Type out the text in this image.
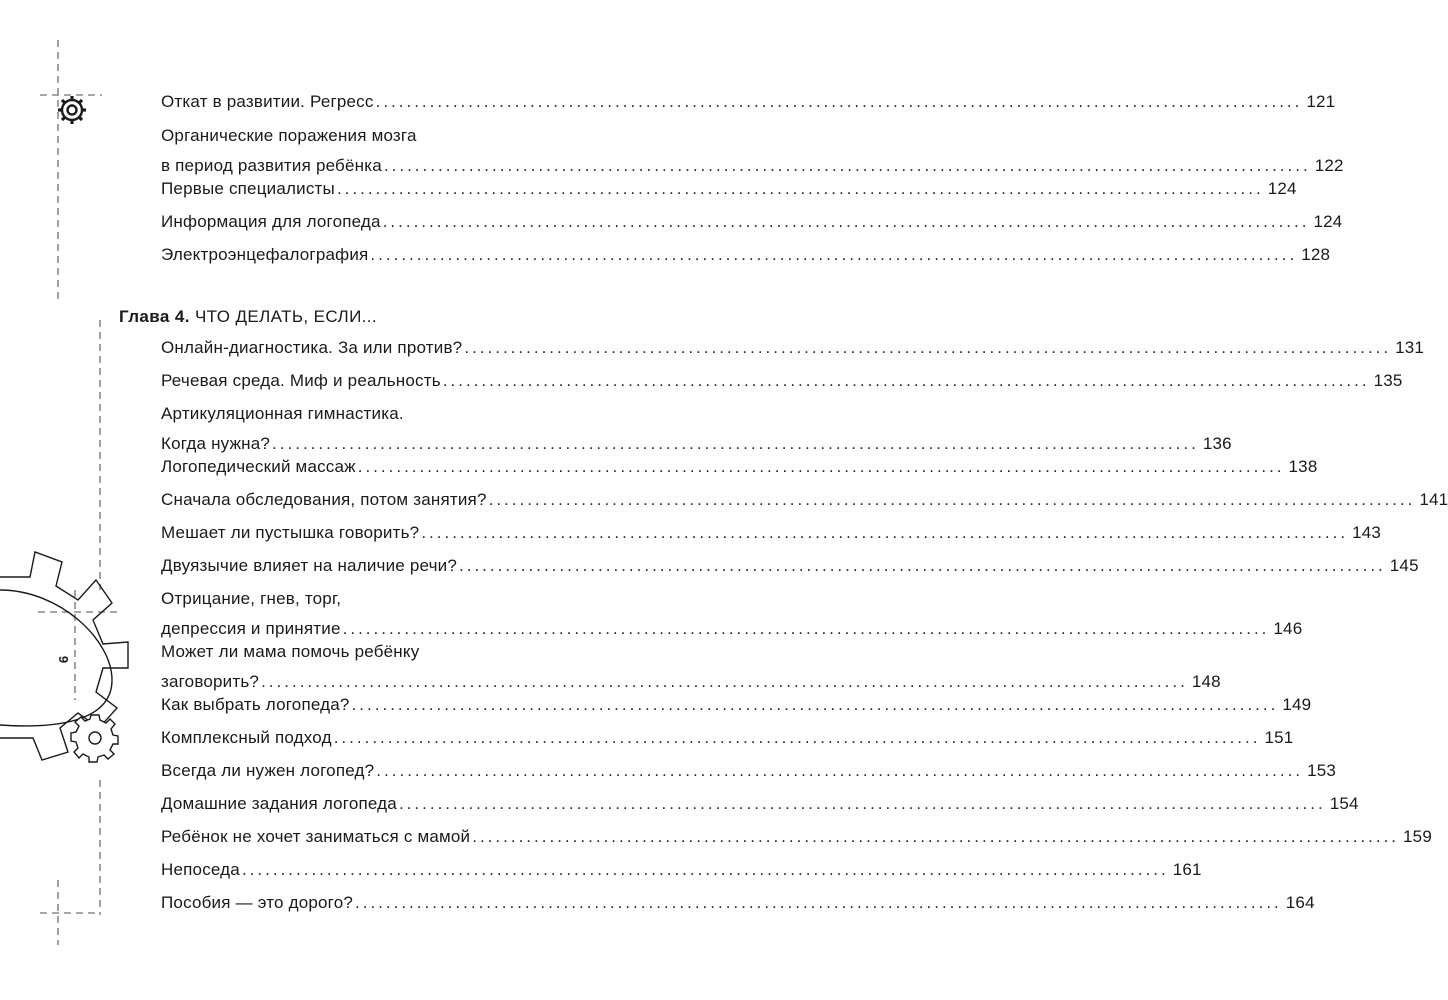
9
Глава 4. ЧТО ДЕЛАТЬ, ЕСЛИ...
Откат в развитии. Регресс ........................................................................................................................ 121
Органические поражения мозга
в период развития ребёнка ........................................................................................................................ 122
Первые специалисты ........................................................................................................................ 124
Информация для логопеда ........................................................................................................................ 124
Электроэнцефалография ........................................................................................................................ 128
Онлайн-диагностика. За или против? ........................................................................................................................ 131
Речевая среда. Миф и реальность ........................................................................................................................ 135
Артикуляционная гимнастика.
Когда нужна? ........................................................................................................................ 136
Логопедический массаж ........................................................................................................................ 138
Сначала обследования, потом занятия? ........................................................................................................................ 141
Мешает ли пустышка говорить? ........................................................................................................................ 143
Двуязычие влияет на наличие речи? ........................................................................................................................ 145
Отрицание, гнев, торг,
депрессия и принятие ........................................................................................................................ 146
Может ли мама помочь ребёнку
заговорить? ........................................................................................................................ 148
Как выбрать логопеда? ........................................................................................................................ 149
Комплексный подход ........................................................................................................................ 151
Всегда ли нужен логопед? ........................................................................................................................ 153
Домашние задания логопеда ........................................................................................................................ 154
Ребёнок не хочет заниматься с мамой ........................................................................................................................ 159
Непоседа ........................................................................................................................ 161
Пособия — это дорого? ........................................................................................................................ 164
